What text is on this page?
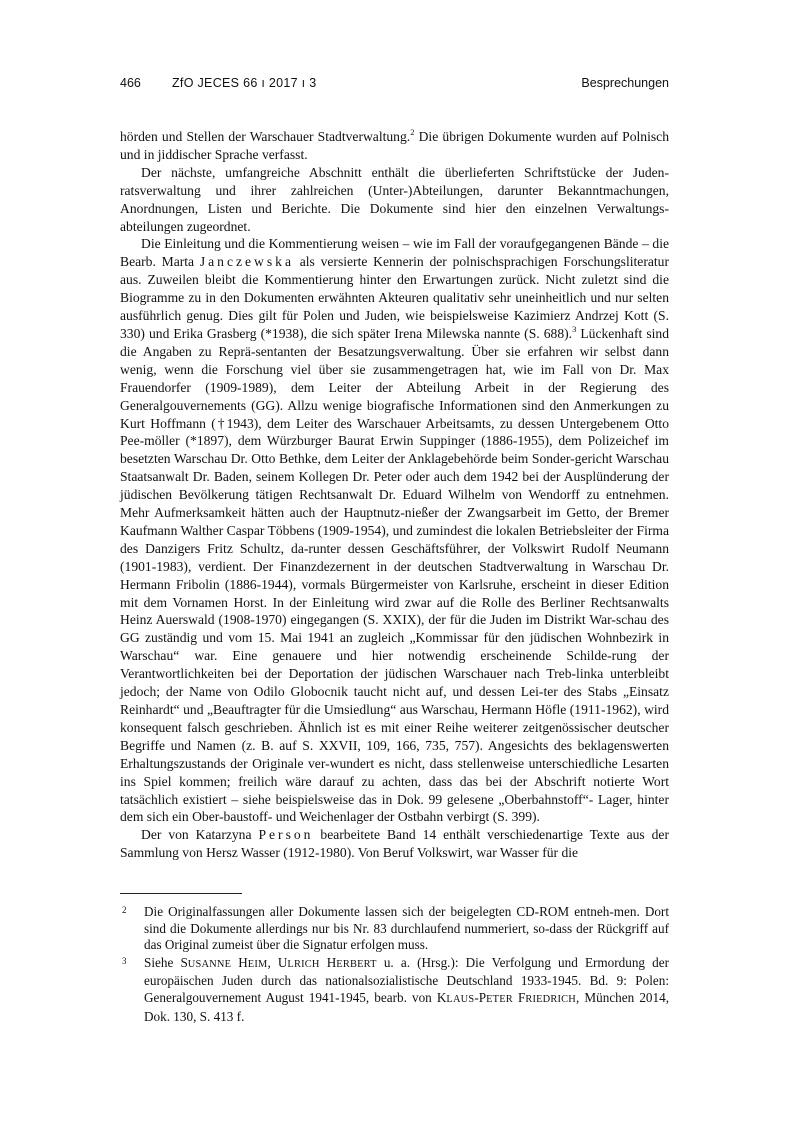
466 ZfO JECES 66 ı 2017 ı 3	Besprechungen

hörden und Stellen der Warschauer Stadtverwaltung.$^2$ Die übrigen Dokumente wurden auf Polnisch und in jiddischer Sprache verfasst.

Der nächste, umfangreiche Abschnitt enthält die überlieferten Schriftstücke der Juden-ratsverwaltung und ihrer zahlreichen (Unter-)Abteilungen, darunter Bekanntmachungen, Anordnungen, Listen und Berichte. Die Dokumente sind hier den einzelnen Verwaltungs-abteilungen zugeordnet.

Die Einleitung und die Kommentierung weisen – wie im Fall der voraufgegangenen Bände – die Bearb. Marta Janczewska als versierte Kennerin der polnischsprachigen Forschungsliteratur aus. Zuweilen bleibt die Kommentierung hinter den Erwartungen zurück. Nicht zuletzt sind die Biogramme zu in den Dokumenten erwähnten Akteuren qualitativ sehr uneinheitlich und nur selten ausführlich genug. Dies gilt für Polen und Juden, wie beispielsweise Kazimierz Andrzej Kott (S. 330) und Erika Grasberg (*1938), die sich später Irena Milewska nannte (S. 688).$^3$ Lückenhaft sind die Angaben zu Reprä-sentanten der Besatzungsverwaltung. Über sie erfahren wir selbst dann wenig, wenn die Forschung viel über sie zusammengetragen hat, wie im Fall von Dr. Max Frauendorfer (1909-1989), dem Leiter der Abteilung Arbeit in der Regierung des Generalgouvernements (GG). Allzu wenige biografische Informationen sind den Anmerkungen zu Kurt Hoffmann (†1943), dem Leiter des Warschauer Arbeitsamts, zu dessen Untergebenem Otto Pee-möller (*1897), dem Würzburger Baurat Erwin Suppinger (1886-1955), dem Polizeichef im besetzten Warschau Dr. Otto Bethke, dem Leiter der Anklagebehörde beim Sonder-gericht Warschau Staatsanwalt Dr. Baden, seinem Kollegen Dr. Peter oder auch dem 1942 bei der Ausplünderung der jüdischen Bevölkerung tätigen Rechtsanwalt Dr. Eduard Wilhelm von Wendorff zu entnehmen. Mehr Aufmerksamkeit hätten auch der Hauptnutz-nießer der Zwangsarbeit im Getto, der Bremer Kaufmann Walther Caspar Többens (1909-1954), und zumindest die lokalen Betriebsleiter der Firma des Danzigers Fritz Schultz, da-runter dessen Geschäftsführer, der Volkswirt Rudolf Neumann (1901-1983), verdient. Der Finanzdezernent in der deutschen Stadtverwaltung in Warschau Dr. Hermann Fribolin (1886-1944), vormals Bürgermeister von Karlsruhe, erscheint in dieser Edition mit dem Vornamen Horst. In der Einleitung wird zwar auf die Rolle des Berliner Rechtsanwalts Heinz Auerswald (1908-1970) eingegangen (S. XXIX), der für die Juden im Distrikt War-schau des GG zuständig und vom 15. Mai 1941 an zugleich „Kommissar für den jüdischen Wohnbezirk in Warschau“ war. Eine genauere und hier notwendig erscheinende Schilde-rung der Verantwortlichkeiten bei der Deportation der jüdischen Warschauer nach Treb-linka unterbleibt jedoch; der Name von Odilo Globocnik taucht nicht auf, und dessen Lei-ter des Stabs „Einsatz Reinhardt“ und „Beauftragter für die Umsiedlung“ aus Warschau, Hermann Höfle (1911-1962), wird konsequent falsch geschrieben. Ähnlich ist es mit einer Reihe weiterer zeitgenössischer deutscher Begriffe und Namen (z. B. auf S. XXVII, 109, 166, 735, 757). Angesichts des beklagenswerten Erhaltungszustands der Originale ver-wundert es nicht, dass stellenweise unterschiedliche Lesarten ins Spiel kommen; freilich wäre darauf zu achten, dass das bei der Abschrift notierte Wort tatsächlich existiert – siehe beispielsweise das in Dok. 99 gelesene „Oberbahnstoff“- Lager, hinter dem sich ein Ober-baustoff- und Weichenlager der Ostbahn verbirgt (S. 399).

Der von Katarzyna Person bearbeitete Band 14 enthält verschiedenartige Texte aus der Sammlung von Hersz Wasser (1912-1980). Von Beruf Volkswirt, war Wasser für die

2 Die Originalfassungen aller Dokumente lassen sich der beigelegten CD-ROM entneh-men. Dort sind die Dokumente allerdings nur bis Nr. 83 durchlaufend nummeriert, so-dass der Rückgriff auf das Original zumeist über die Signatur erfolgen muss.
3 Siehe SUSANNE HEIM, ULRICH HERBERT u. a. (Hrsg.): Die Verfolgung und Ermordung der europäischen Juden durch das nationalsozialistische Deutschland 1933-1945. Bd. 9: Polen: Generalgouvernement August 1941-1945, bearb. von KLAUS-PETER FRIEDRICH, München 2014, Dok. 130, S. 413 f.
